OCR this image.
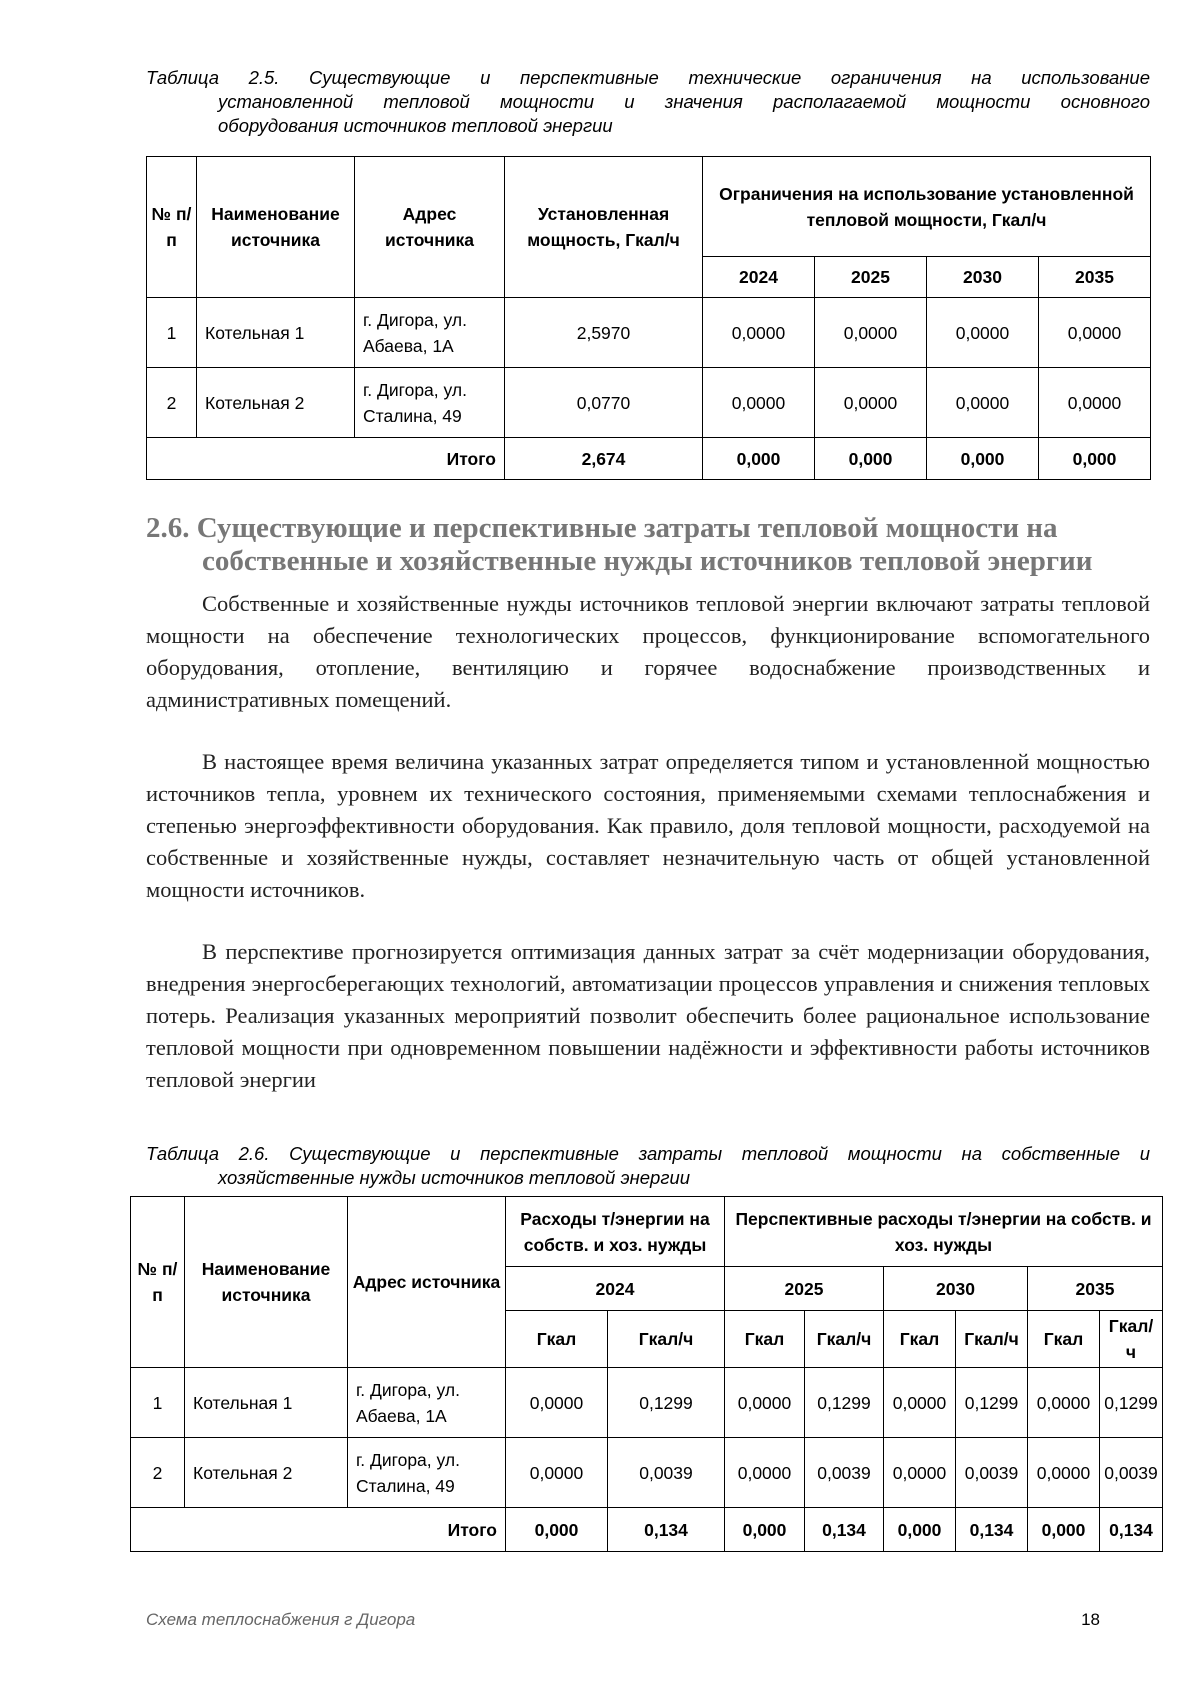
Таблица 2.5. Существующие и перспективные технические ограничения на использование
установленной тепловой мощности и значения располагаемой мощности основного
оборудования источников тепловой энергии
№ п/п	Наименование источника	Адрес источника	Установленная мощность, Гкал/ч	Ограничения на использование установленной тепловой мощности, Гкал/ч			
				2024	2025	2030	2035
1	Котельная 1	г. Дигора, ул. Абаева, 1А	2,5970	0,0000	0,0000	0,0000	0,0000
2	Котельная 2	г. Дигора, ул. Сталина, 49	0,0770	0,0000	0,0000	0,0000	0,0000
Итого			2,674	0,000	0,000	0,000	0,000
2.6. Существующие и перспективные затраты тепловой мощности на
собственные и хозяйственные нужды источников тепловой энергии

Собственные и хозяйственные нужды источников тепловой энергии включают затраты тепловой мощности на обеспечение технологических процессов, функционирование вспомогательного оборудования, отопление, вентиляцию и горячее водоснабжение производственных и административных помещений.

В настоящее время величина указанных затрат определяется типом и установленной мощностью источников тепла, уровнем их технического состояния, применяемыми схемами теплоснабжения и степенью энергоэффективности оборудования. Как правило, доля тепловой мощности, расходуемой на собственные и хозяйственные нужды, составляет незначительную часть от общей установленной мощности источников.

В перспективе прогнозируется оптимизация данных затрат за счёт модернизации оборудования, внедрения энергосберегающих технологий, автоматизации процессов управления и снижения тепловых потерь. Реализация указанных мероприятий позволит обеспечить более рациональное использование тепловой мощности при одновременном повышении надёжности и эффективности работы источников тепловой энергии

Таблица 2.6. Существующие и перспективные затраты тепловой мощности на собственные и
хозяйственные нужды источников тепловой энергии
№ п/п	Наименование источника	Адрес источника	Расходы т/энергии на собств. и хоз. нужды		Перспективные расходы т/энергии на собств. и хоз. нужды					
			2024		2025		2030		2035	
			Гкал	Гкал/ч	Гкал	Гкал/ч	Гкал	Гкал/ч	Гкал	Гкал/ч
1	Котельная 1	г. Дигора, ул. Абаева, 1А	0,0000	0,1299	0,0000	0,1299	0,0000	0,1299	0,0000	0,1299
2	Котельная 2	г. Дигора, ул. Сталина, 49	0,0000	0,0039	0,0000	0,0039	0,0000	0,0039	0,0000	0,0039
Итого			0,000	0,134	0,000	0,134	0,000	0,134	0,000	0,134
Схема теплоснабжения г Дигора	18
